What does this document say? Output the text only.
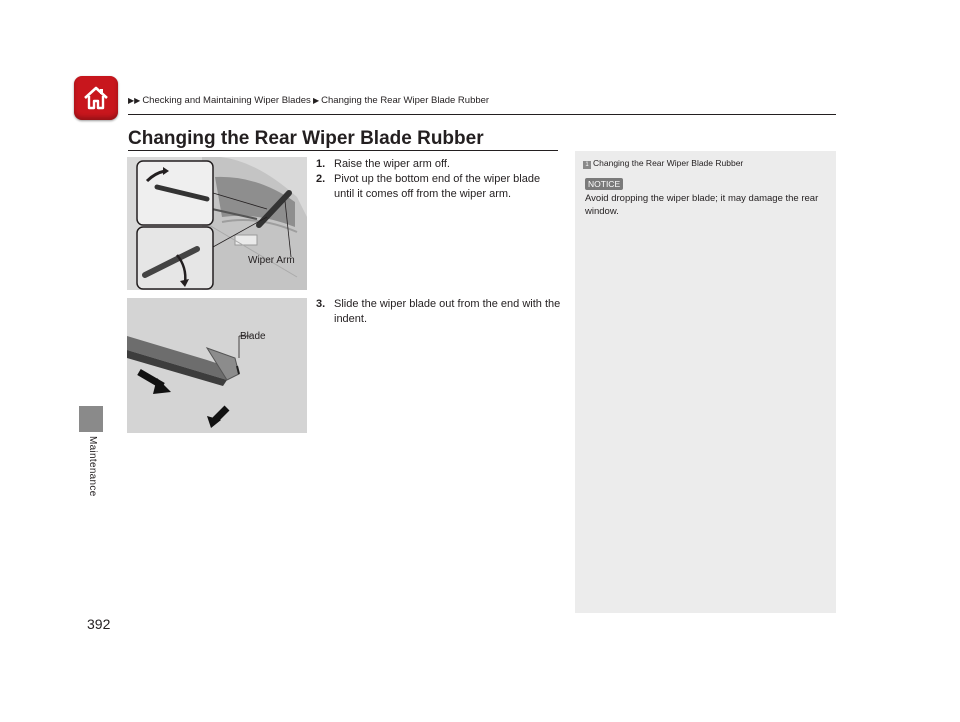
▶▶ Checking and Maintaining Wiper Blades ▶ Changing the Rear Wiper Blade Rubber
Maintenance
392
Changing the Rear Wiper Blade Rubber
Wiper Arm
Blade
1. Raise the wiper arm off.
2. Pivot up the bottom end of the wiper blade until it comes off from the wiper arm.
3. Slide the wiper blade out from the end with the indent.
1 Changing the Rear Wiper Blade Rubber
NOTICE
Avoid dropping the wiper blade; it may damage the rear window.
